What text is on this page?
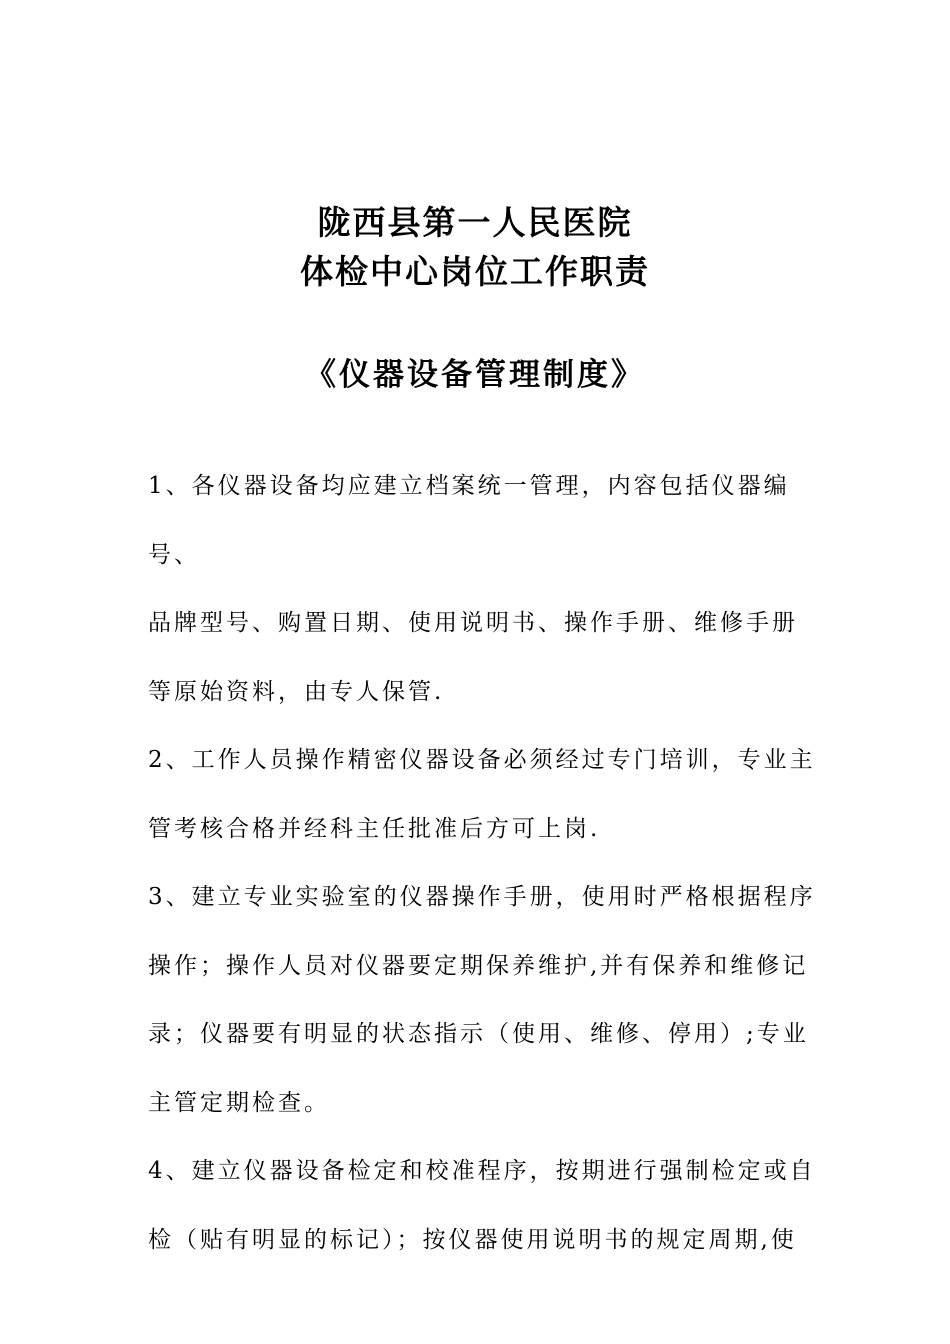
陇西县第一人民医院
体检中心岗位工作职责
《仪器设备管理制度》
1、各仪器设备均应建立档案统一管理，内容包括仪器编号、
品牌型号、购置日期、使用说明书、操作手册、维修手册
等原始资料，由专人保管.
2、工作人员操作精密仪器设备必须经过专门培训，专业主
管考核合格并经科主任批准后方可上岗.
3、建立专业实验室的仪器操作手册，使用时严格根据程序
操作；操作人员对仪器要定期保养维护,并有保养和维修记
录；仪器要有明显的状态指示（使用、维修、停用）;专业
主管定期检查。
4、建立仪器设备检定和校准程序，按期进行强制检定或自
检（贴有明显的标记）；按仪器使用说明书的规定周期,使
